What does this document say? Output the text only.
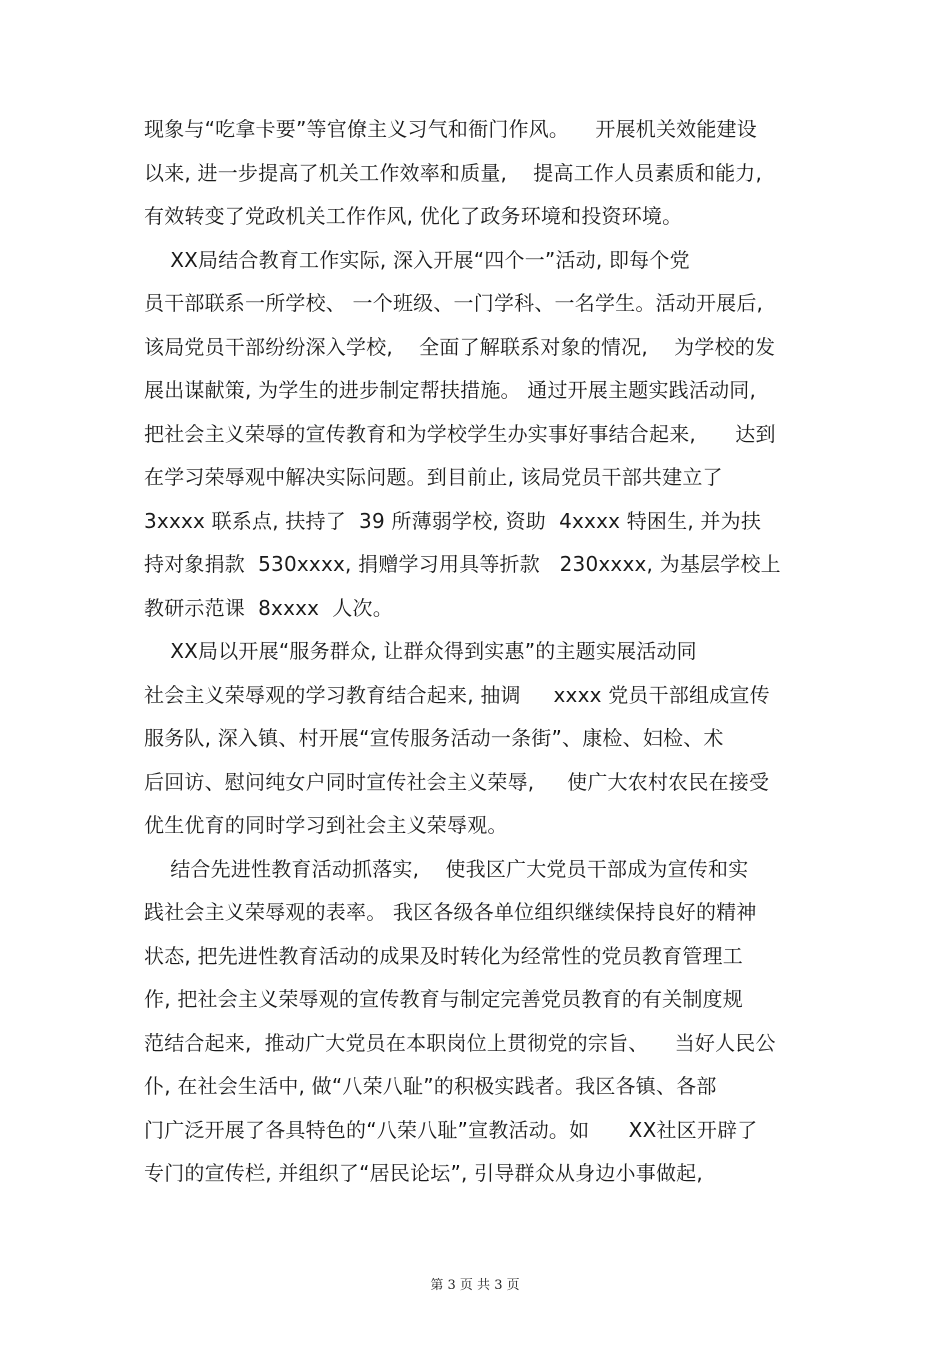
现象与“吃拿卡要”等官僚主义习气和衙门作风。    开展机关效能建设
以来, 进一步提高了机关工作效率和质量,    提高工作人员素质和能力,
有效转变了党政机关工作作风, 优化了政务环境和投资环境。
XX局结合教育工作实际, 深入开展“四个一”活动, 即每个党
员干部联系一所学校、 一个班级、一门学科、一名学生。活动开展后,
该局党员干部纷纷深入学校,    全面了解联系对象的情况,    为学校的发
展出谋献策, 为学生的进步制定帮扶措施。 通过开展主题实践活动同,
把社会主义荣辱的宣传教育和为学校学生办实事好事结合起来,      达到
在学习荣辱观中解决实际问题。到目前止, 该局党员干部共建立了
3xxxx 联系点, 扶持了  39 所薄弱学校, 资助  4xxxx 特困生, 并为扶
持对象捐款  530xxxx, 捐赠学习用具等折款   230xxxx, 为基层学校上
教研示范课  8xxxx  人次。
XX局以开展“服务群众, 让群众得到实惠”的主题实展活动同
社会主义荣辱观的学习教育结合起来, 抽调     xxxx 党员干部组成宣传
服务队, 深入镇、村开展“宣传服务活动一条街”、康检、妇检、术
后回访、慰问纯女户同时宣传社会主义荣辱,     使广大农村农民在接受
优生优育的同时学习到社会主义荣辱观。
结合先进性教育活动抓落实,    使我区广大党员干部成为宣传和实
践社会主义荣辱观的表率。 我区各级各单位组织继续保持良好的精神
状态, 把先进性教育活动的成果及时转化为经常性的党员教育管理工
作, 把社会主义荣辱观的宣传教育与制定完善党员教育的有关制度规
范结合起来,  推动广大党员在本职岗位上贯彻党的宗旨、    当好人民公
仆, 在社会生活中, 做“八荣八耻”的积极实践者。我区各镇、各部
门广泛开展了各具特色的“八荣八耻”宣教活动。如      XX社区开辟了
专门的宣传栏, 并组织了“居民论坛”, 引导群众从身边小事做起,
第 3 页 共 3 页
